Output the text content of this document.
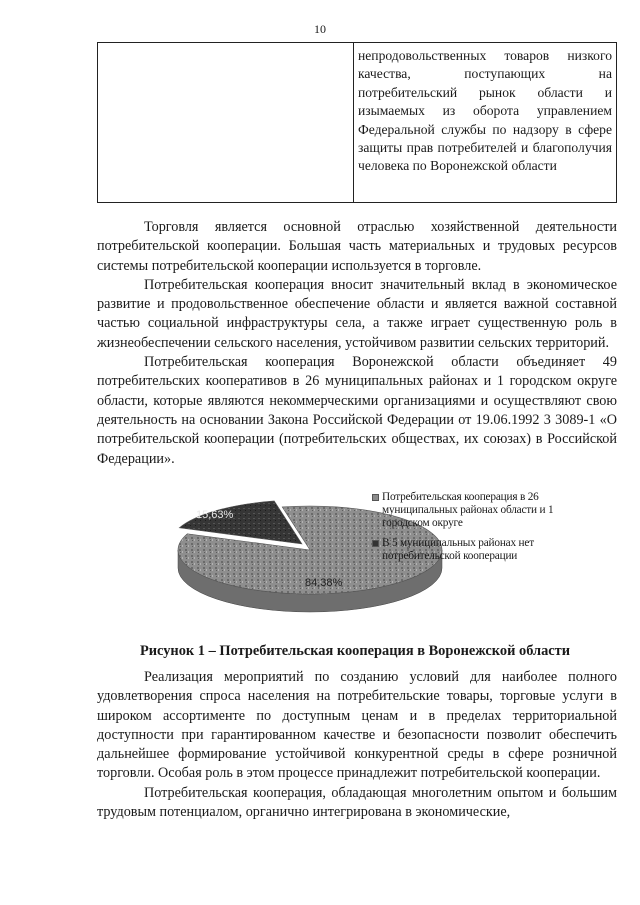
10
непродовольственных товаров низкого качества, поступающих на потребительский рынок области и изымаемых из оборота управлением Федеральной службы по надзору в сфере защиты прав потребителей и благополучия человека по Воронежской области

Торговля является основной отраслью хозяйственной деятельности потребительской кооперации. Большая часть материальных и трудовых ресурсов системы потребительской кооперации используется в торговле.

Потребительская кооперация вносит значительный вклад в экономическое развитие и продовольственное обеспечение области и является важной составной частью социальной инфраструктуры села, а также играет существенную роль в жизнеобеспечении сельского населения, устойчивом развитии сельских территорий.

Потребительская кооперация Воронежской области объединяет 49 потребительских кооперативов в 26 муниципальных районах и 1 городском округе области, которые являются некоммерческими организациями и осуществляют свою деятельность на основании Закона Российской Федерации от 19.06.1992 3 3089-1 «О потребительской кооперации (потребительских обществах, их союзах) в Российской Федерации».

84,38%
15,63%
Потребительская кооперация в 26 муниципальных районах области и 1 городском округе
В 5 муниципальных районах нет потребительской кооперации
Рисунок 1 – Потребительская кооперация в Воронежской области

Реализация мероприятий по созданию условий для наиболее полного удовлетворения спроса населения на потребительские товары, торговые услуги в широком ассортименте по доступным ценам и в пределах территориальной доступности при гарантированном качестве и безопасности позволит обеспечить дальнейшее формирование устойчивой конкурентной среды в сфере розничной торговли. Особая роль в этом процессе принадлежит потребительской кооперации.

Потребительская кооперация, обладающая многолетним опытом и большим трудовым потенциалом, органично интегрирована в экономические,
